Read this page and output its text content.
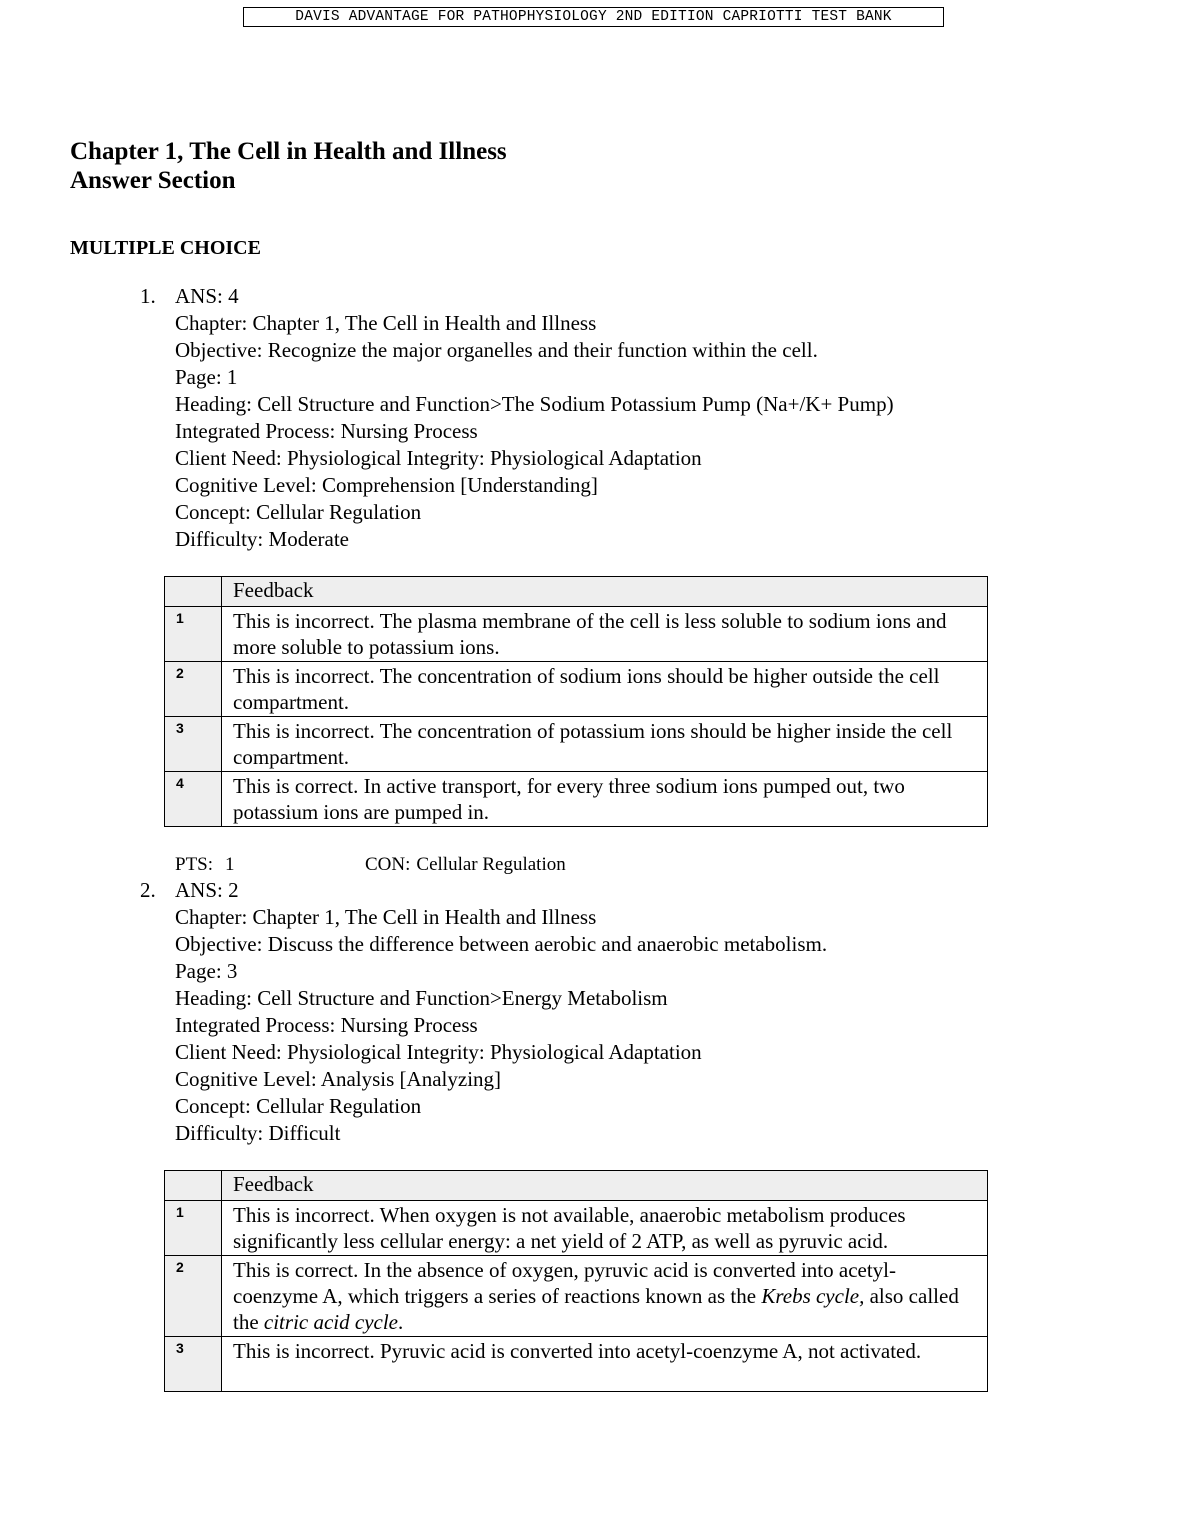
DAVIS ADVANTAGE FOR PATHOPHYSIOLOGY 2ND EDITION CAPRIOTTI TEST BANK
Chapter 1, The Cell in Health and Illness
Answer Section
MULTIPLE CHOICE
1. ANS: 4
Chapter: Chapter 1, The Cell in Health and Illness
Objective: Recognize the major organelles and their function within the cell.
Page: 1
Heading: Cell Structure and Function>The Sodium Potassium Pump (Na+/K+ Pump)
Integrated Process: Nursing Process
Client Need: Physiological Integrity: Physiological Adaptation
Cognitive Level: Comprehension [Understanding]
Concept: Cellular Regulation
Difficulty: Moderate
	Feedback
1	This is incorrect. The plasma membrane of the cell is less soluble to sodium ions and more soluble to potassium ions.
2	This is incorrect. The concentration of sodium ions should be higher outside the cell compartment.
3	This is incorrect. The concentration of potassium ions should be higher inside the cell compartment.
4	This is correct. In active transport, for every three sodium ions pumped out, two potassium ions are pumped in.
PTS: 1	CON: Cellular Regulation
2. ANS: 2
Chapter: Chapter 1, The Cell in Health and Illness
Objective: Discuss the difference between aerobic and anaerobic metabolism.
Page: 3
Heading: Cell Structure and Function>Energy Metabolism
Integrated Process: Nursing Process
Client Need: Physiological Integrity: Physiological Adaptation
Cognitive Level: Analysis [Analyzing]
Concept: Cellular Regulation
Difficulty: Difficult
	Feedback
1	This is incorrect. When oxygen is not available, anaerobic metabolism produces significantly less cellular energy: a net yield of 2 ATP, as well as pyruvic acid.
2	This is correct. In the absence of oxygen, pyruvic acid is converted into acetyl-coenzyme A, which triggers a series of reactions known as the Krebs cycle, also called the citric acid cycle.
3	This is incorrect. Pyruvic acid is converted into acetyl-coenzyme A, not activated.
